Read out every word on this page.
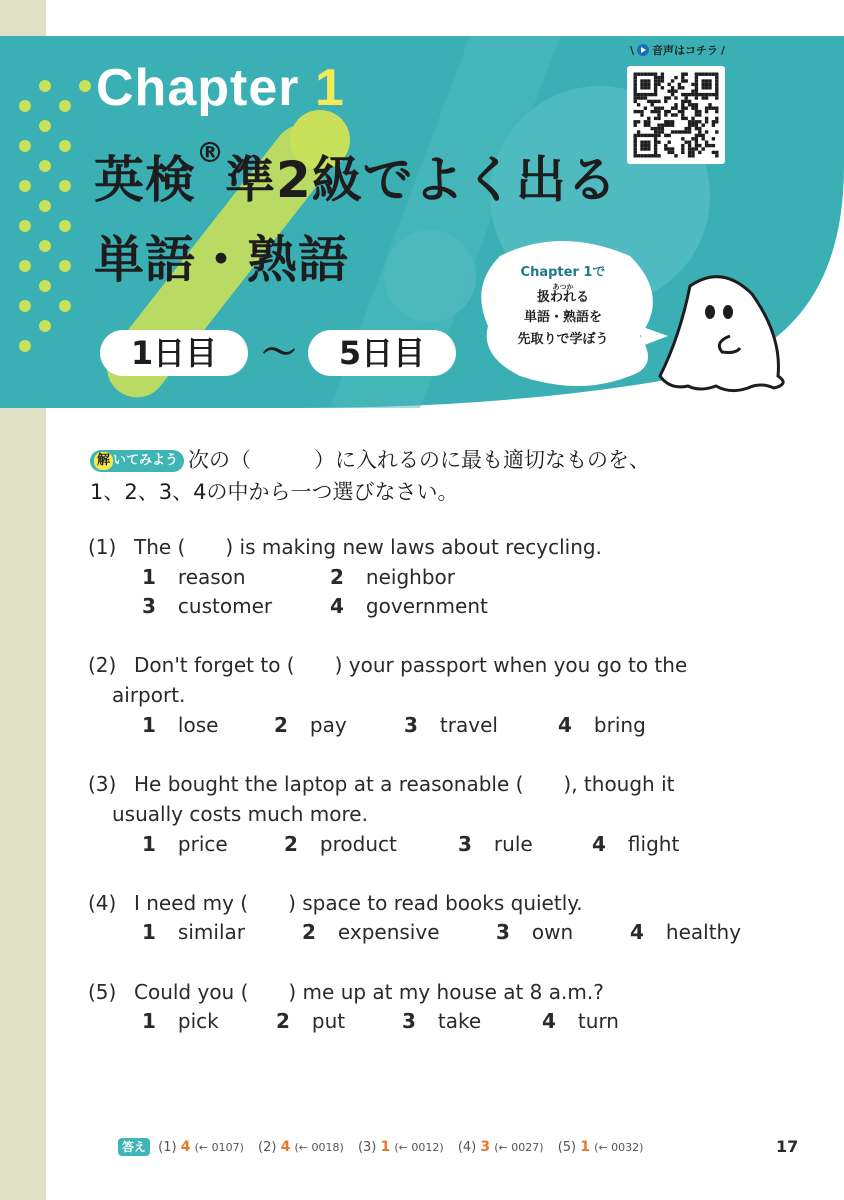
Chapter 1
英検®準2級でよく出る
単語・熟語
1日目	～	5日目
\ 音声はコチラ /
Chapter 1で
あつか
扱われる
単語・熟語を
先取りで学ぼう
解 いてみよう 次の（　　　）に入れるのに最も適切なものを、
1、2、3、4の中から一つ選びなさい。
(1) The (　　) is making new laws about recycling.
1 reason	2 neighbor
3 customer	4 government
(2) Don't forget to (　　) your passport when you go to the
airport.
1 lose	2 pay	3 travel	4 bring
(3) He bought the laptop at a reasonable (　　), though it
usually costs much more.
1 price	2 product	3 rule	4 flight
(4) I need my (　　) space to read books quietly.
1 similar	2 expensive	3 own	4 healthy
(5) Could you (　　) me up at my house at 8 a.m.?
1 pick	2 put	3 take	4 turn
答え (1) 4 (← 0107) (2) 4 (← 0018) (3) 1 (← 0012) (4) 3 (← 0027) (5) 1 (← 0032)	17
